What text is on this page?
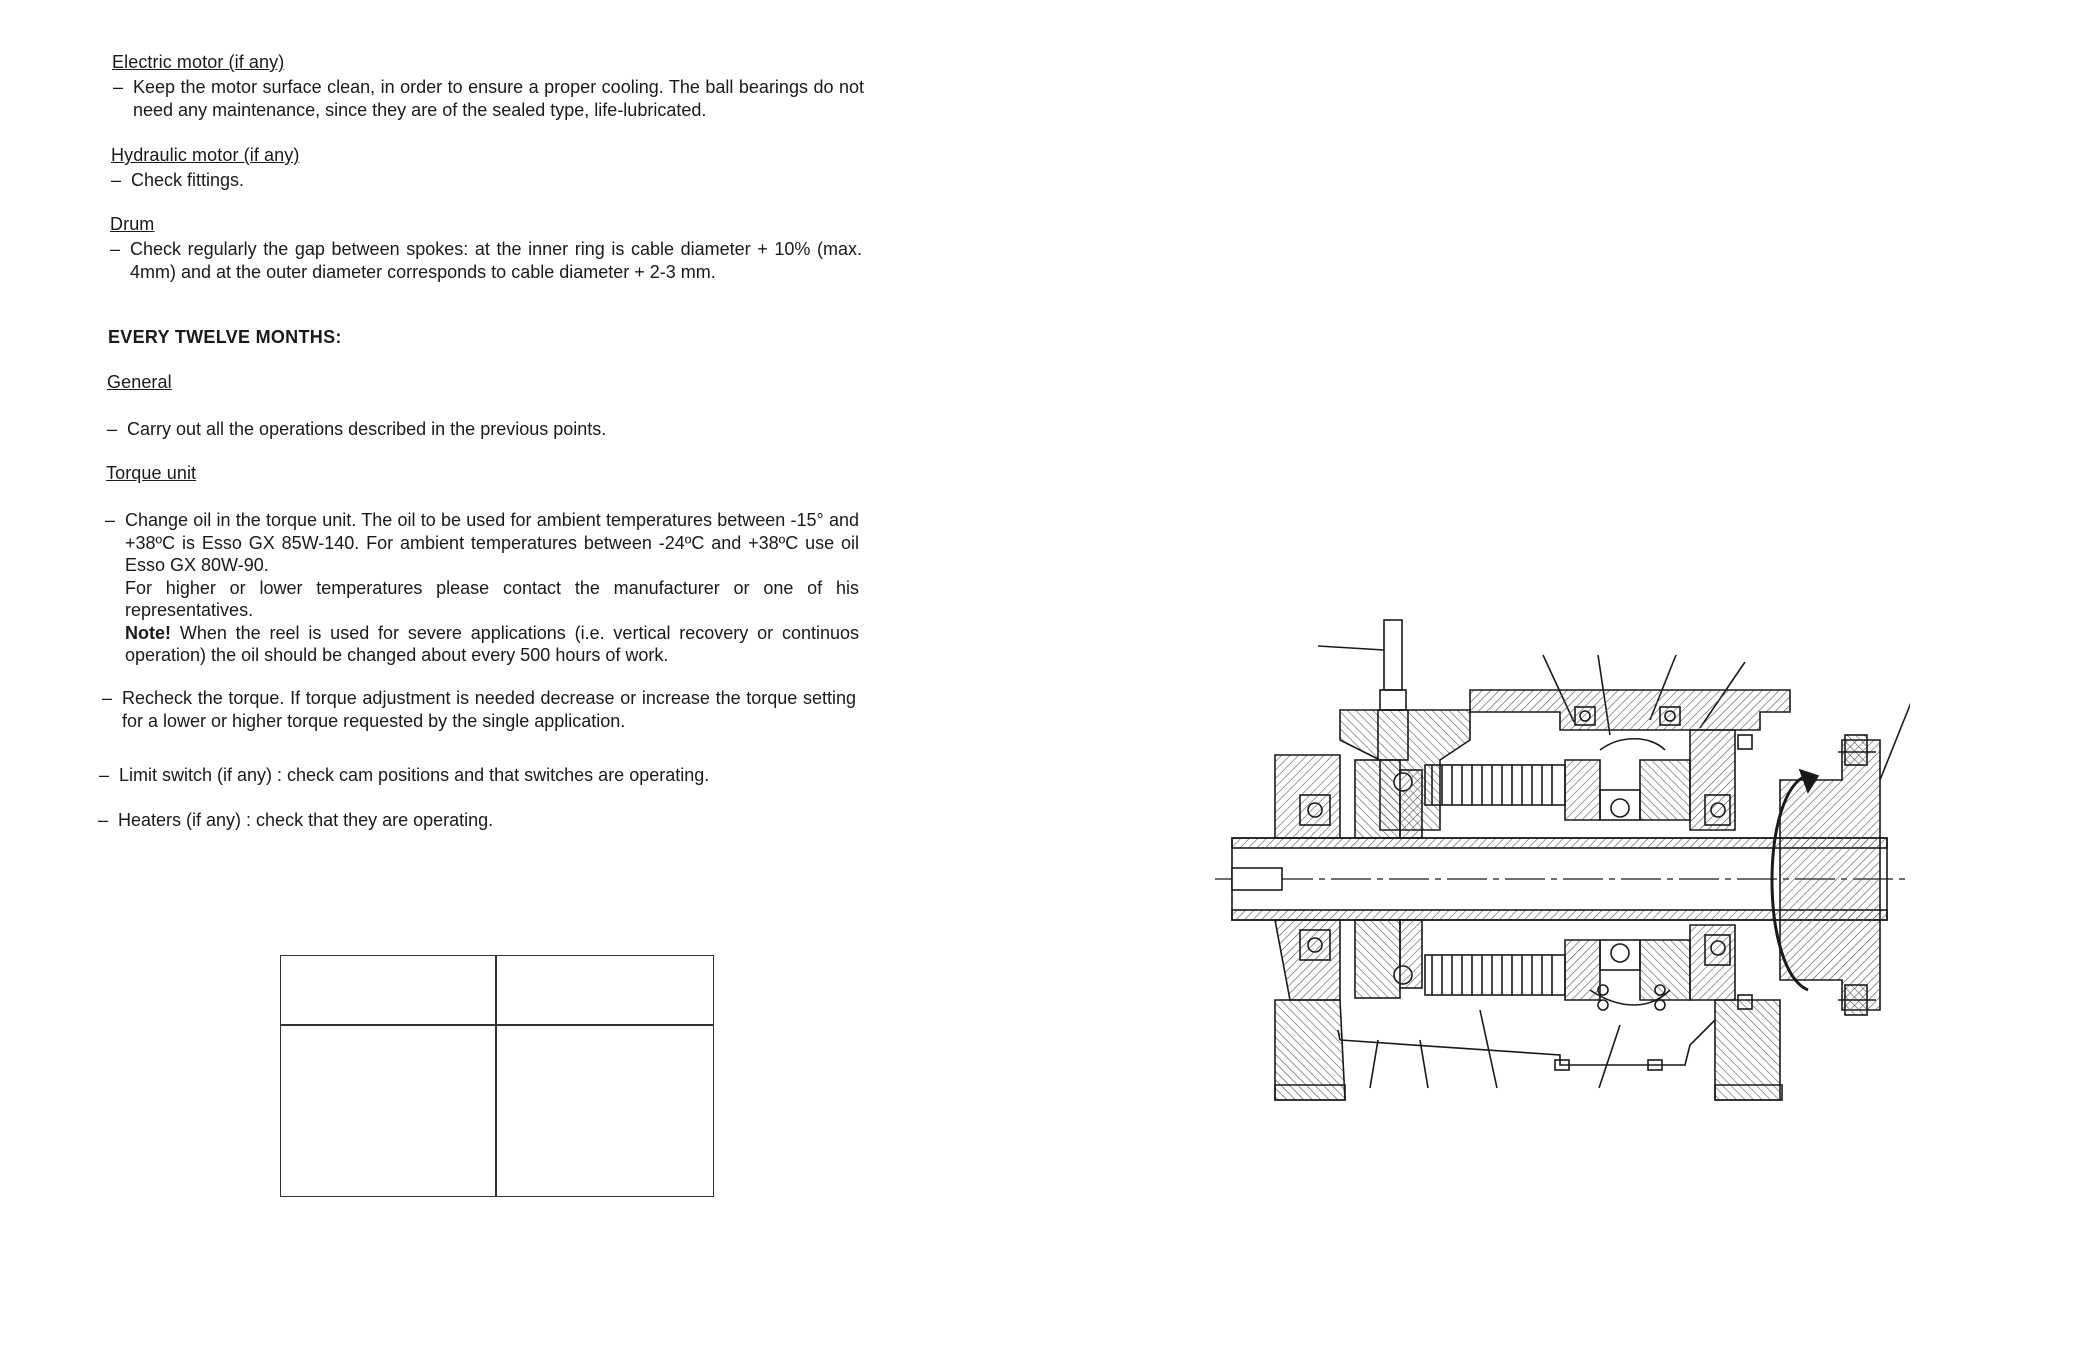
Electric motor (if any)
– Keep the motor surface clean, in order to ensure a proper cooling. The ball bearings do not need any maintenance, since they are of the sealed type, life-lubricated.

Hydraulic motor (if any)
– Check fittings.

Drum
– Check regularly the gap between spokes: at the inner ring is cable diameter + 10% (max. 4mm) and at the outer diameter corresponds to cable diameter + 2-3 mm.

EVERY TWELVE MONTHS:
General
– Carry out all the operations described in the previous points.

Torque unit
– Change oil in the torque unit. The oil to be used for ambient temperatures between -15° and +38ºC is Esso GX 85W-140. For ambient temperatures between -24ºC and +38ºC use oil Esso GX 80W-90.

For higher or lower temperatures please contact the manufacturer or one of his representatives.

Note! When the reel is used for severe applications (i.e. vertical recovery or continuos operation) the oil should be changed about every 500 hours of work.

– Recheck the torque. If torque adjustment is needed decrease or increase the torque setting for a lower or higher torque requested by the single application.

– Limit switch (if any) : check cam positions and that switches are operating.

– Heaters (if any) : check that they are operating.
